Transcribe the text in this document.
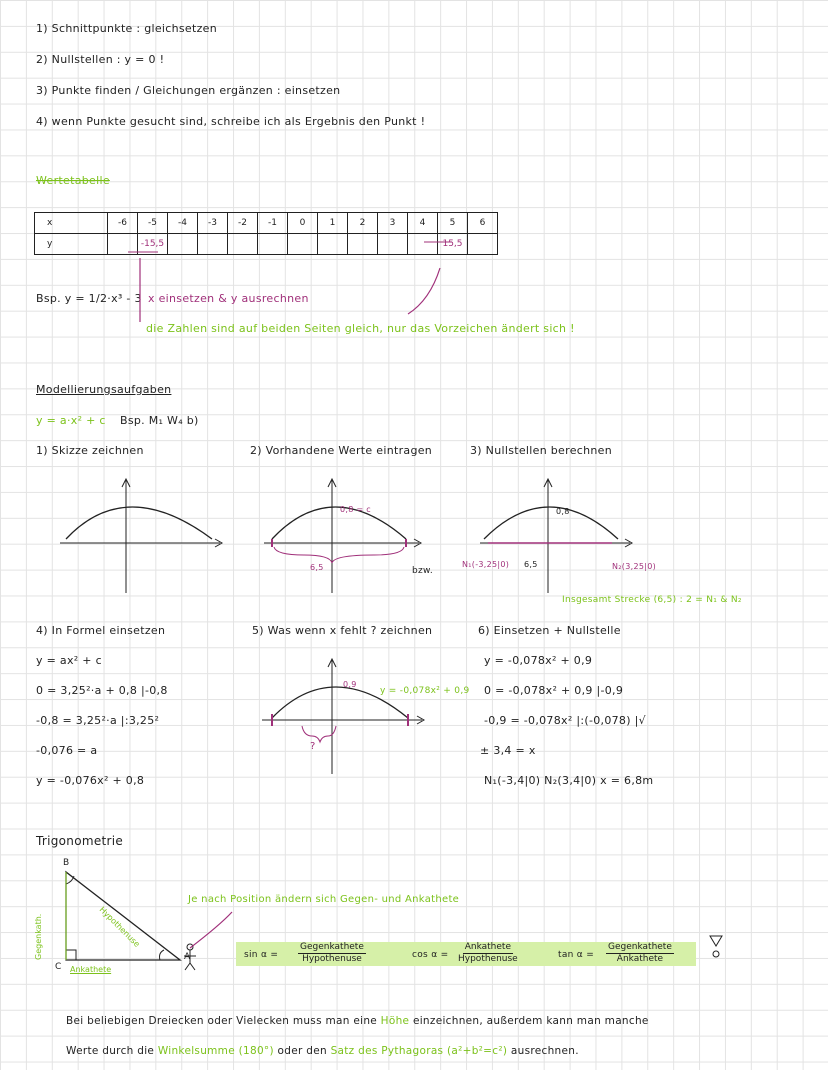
1) Schnittpunkte : gleichsetzen
2) Nullstellen : y = 0 !
3) Punkte finden / Gleichungen ergänzen : einsetzen
4) wenn Punkte gesucht sind, schreibe ich als Ergebnis den Punkt !
Wertetabelle
x	-6	-5	-4	-3	-2	-1	0	1	2	3	4	5	6
y		-15,5										15,5	
Bsp. y = 1/2·x³ - 3 x einsetzen & y ausrechnen
die Zahlen sind auf beiden Seiten gleich, nur das Vorzeichen ändert sich !
Modellierungsaufgaben
y = a·x² + c Bsp. M₁ W₄ b)
1) Skizze zeichnen	2) Vorhandene Werte eintragen	3) Nullstellen berechnen
0,8 = c
6,5	bzw.
0,8
N₁(-3,25|0)	N₂(3,25|0)
6,5
Insgesamt Strecke (6,5) : 2 = N₁ & N₂
4) In Formel einsetzen
y = ax² + c
0 = 3,25²·a + 0,8 |-0,8
-0,8 = 3,25²·a |:3,25²
-0,076 = a
y = -0,076x² + 0,8
5) Was wenn x fehlt ? zeichnen
0,9
y = -0,078x² + 0,9
?
6) Einsetzen + Nullstelle
y = -0,078x² + 0,9
0 = -0,078x² + 0,9 |-0,9
-0,9 = -0,078x² |:(-0,078) |√
± 3,4 = x
N₁(-3,4|0) N₂(3,4|0) x = 6,8m
Trigonometrie
B
C
A
Ankathete
Gegenkath.	Hypothenuse
Je nach Position ändern sich Gegen- und Ankathete
sin α =
Gegenkathete
Hypothenuse	cos α =
Ankathete
Hypothenuse	tan α =
Gegenkathete
Ankathete
Bei beliebigen Dreiecken oder Vielecken muss man eine Höhe einzeichnen, außerdem kann man manche
Werte durch die Winkelsumme (180°) oder den Satz des Pythagoras (a²+b²=c²) ausrechnen.
